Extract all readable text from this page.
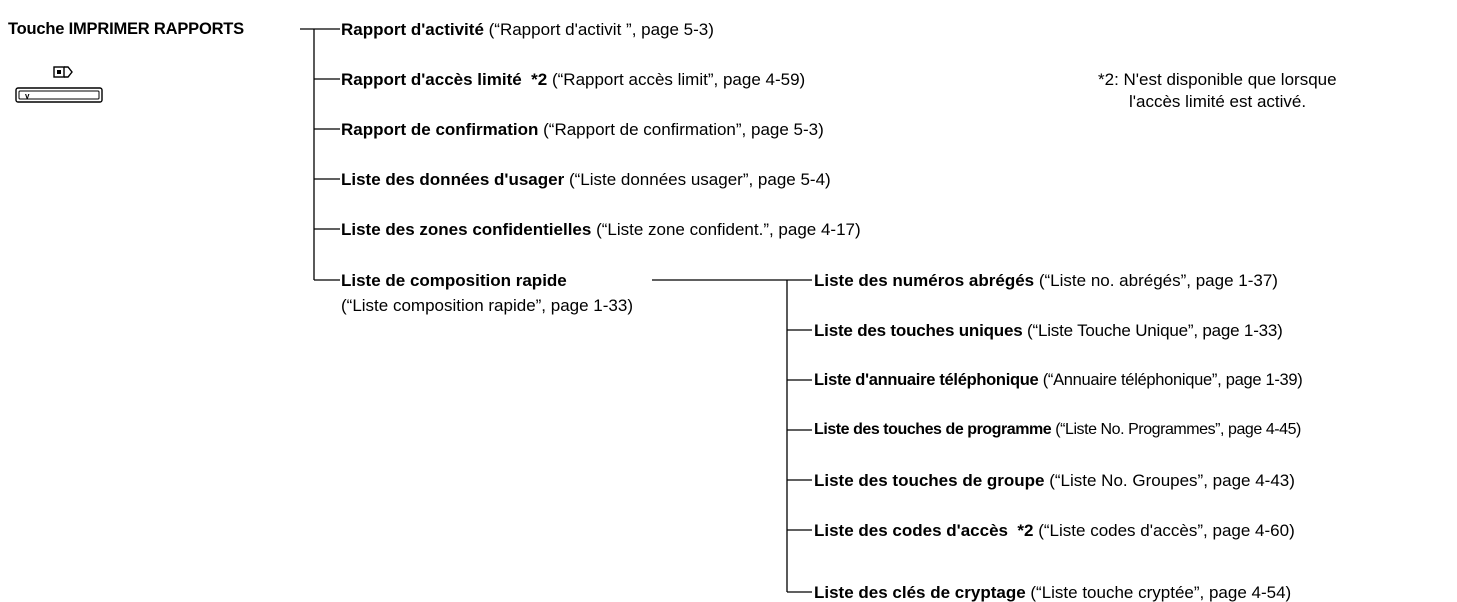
Touche IMPRIMER RAPPORTS
v
Rapport d'activité (“Rapport d'activit ”, page 5-3)
Rapport d'accès limité  *2 (“Rapport accès limit”, page 4-59)
Rapport de confirmation (“Rapport de confirmation”, page 5-3)
Liste des données d'usager (“Liste données usager”, page 5-4)
Liste des zones confidentielles (“Liste zone confident.”, page 4-17)
Liste de composition rapide
(“Liste composition rapide”, page 1-33)
Liste des numéros abrégés (“Liste no. abrégés”, page 1-37)
Liste des touches uniques (“Liste Touche Unique”, page 1-33)
Liste d'annuaire téléphonique (“Annuaire téléphonique”, page 1-39)
Liste des touches de programme (“Liste No. Programmes”, page 4-45)
Liste des touches de groupe (“Liste No. Groupes”, page 4-43)
Liste des codes d'accès  *2 (“Liste codes d'accès”, page 4-60)
Liste des clés de cryptage (“Liste touche cryptée”, page 4-54)
*2: N'est disponible que lorsque
l'accès limité est activé.
